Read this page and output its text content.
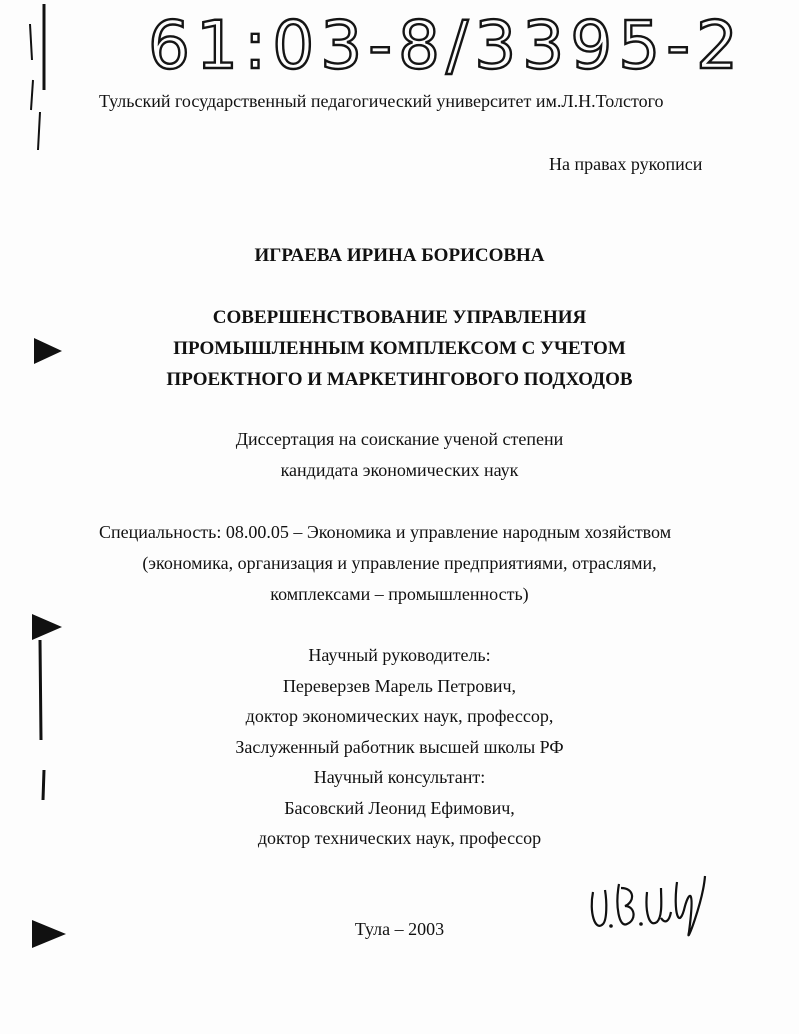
61:03-8/3395-2
Тульский государственный педагогический университет им.Л.Н.Толстого
На правах рукописи
ИГРАЕВА ИРИНА БОРИСОВНА
СОВЕРШЕНСТВОВАНИЕ УПРАВЛЕНИЯ
ПРОМЫШЛЕННЫМ КОМПЛЕКСОМ С УЧЕТОМ
ПРОЕКТНОГО И МАРКЕТИНГОВОГО ПОДХОДОВ
Диссертация на соискание ученой степени
кандидата экономических наук
Специальность: 08.00.05 – Экономика и управление народным хозяйством
(экономика, организация и управление предприятиями, отраслями,
комплексами – промышленность)
Научный руководитель:
Переверзев Марель Петрович,
доктор экономических наук, профессор,
Заслуженный работник высшей школы РФ
Научный консультант:
Басовский Леонид Ефимович,
доктор технических наук, профессор
Тула – 2003
